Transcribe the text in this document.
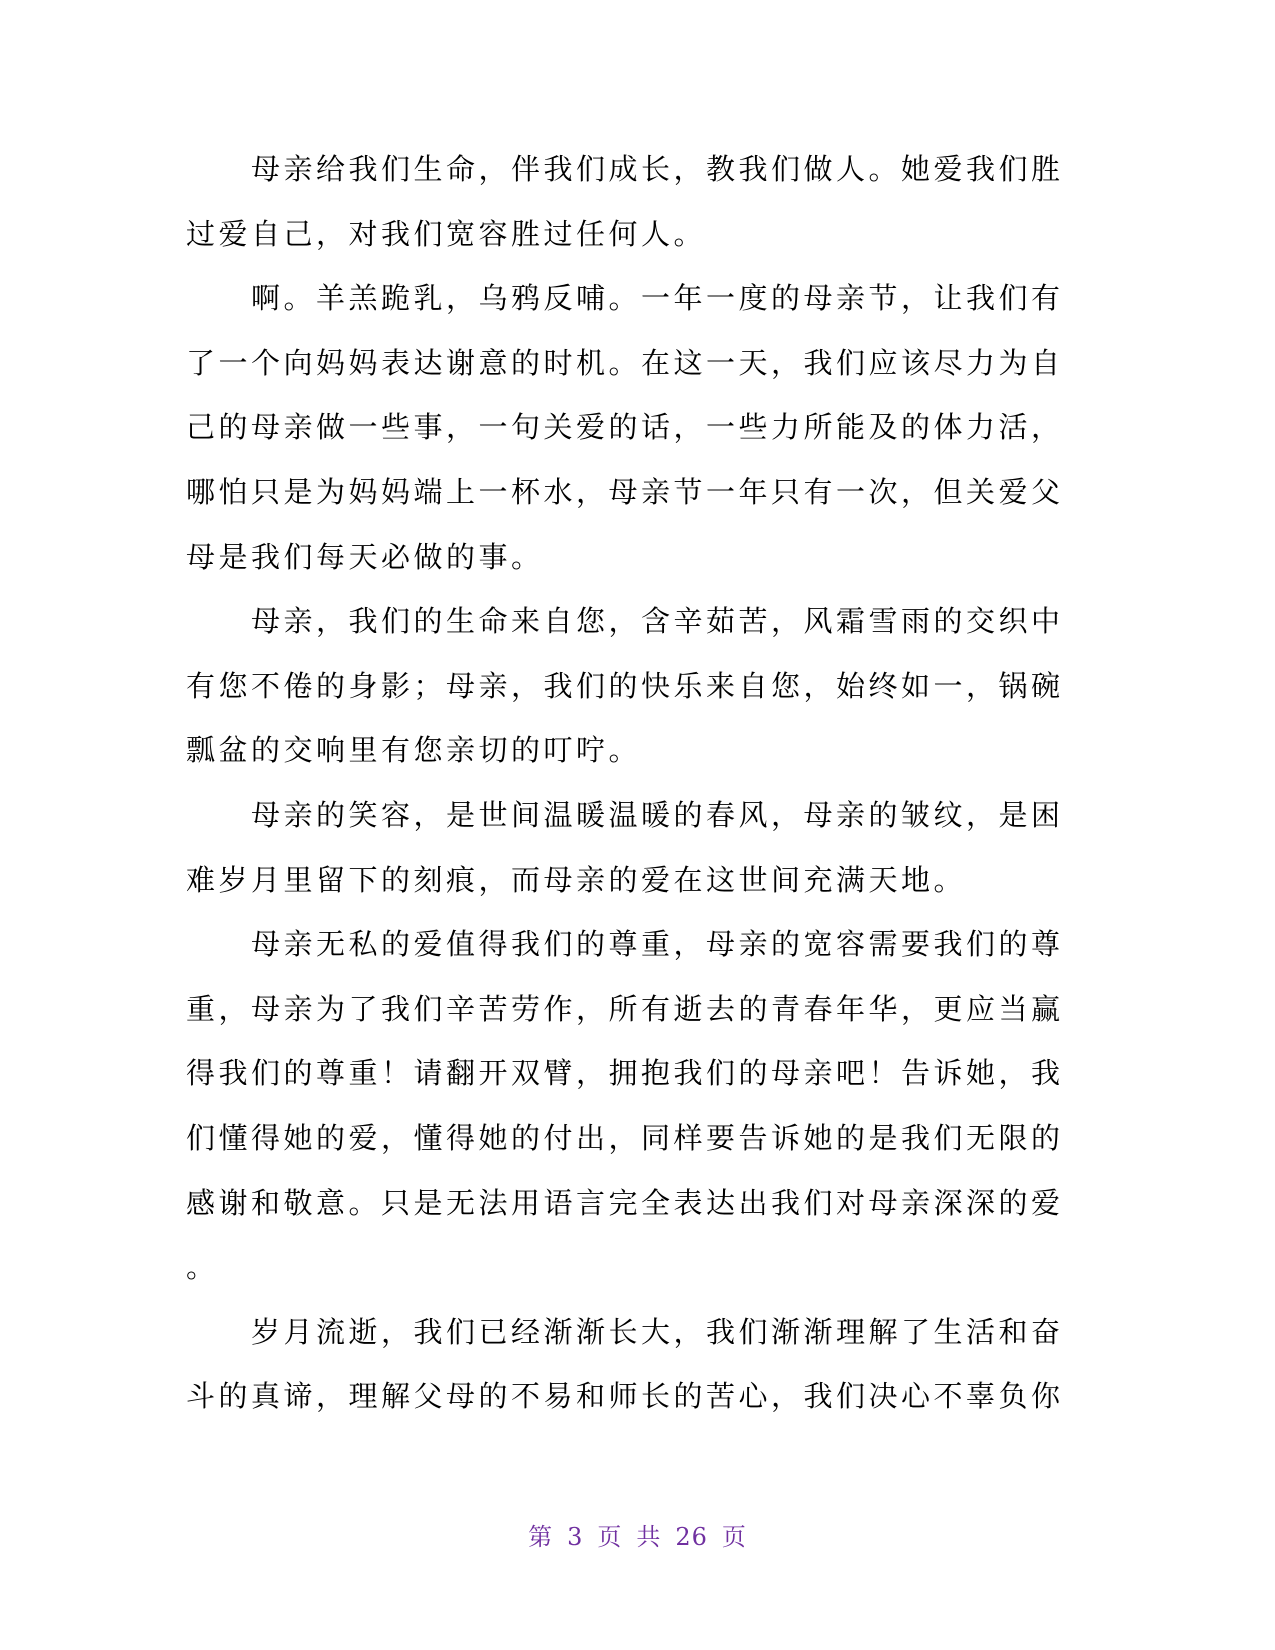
母亲给我们生命，伴我们成长，教我们做人。她爱我们胜
过爱自己，对我们宽容胜过任何人。
啊。羊羔跪乳，乌鸦反哺。一年一度的母亲节，让我们有
了一个向妈妈表达谢意的时机。在这一天，我们应该尽力为自
己的母亲做一些事，一句关爱的话，一些力所能及的体力活，
哪怕只是为妈妈端上一杯水，母亲节一年只有一次，但关爱父
母是我们每天必做的事。
母亲，我们的生命来自您，含辛茹苦，风霜雪雨的交织中
有您不倦的身影；母亲，我们的快乐来自您，始终如一，锅碗
瓢盆的交响里有您亲切的叮咛。
母亲的笑容，是世间温暖温暖的春风，母亲的皱纹，是困
难岁月里留下的刻痕，而母亲的爱在这世间充满天地。
母亲无私的爱值得我们的尊重，母亲的宽容需要我们的尊
重，母亲为了我们辛苦劳作，所有逝去的青春年华，更应当赢
得我们的尊重！请翻开双臂，拥抱我们的母亲吧！告诉她，我
们懂得她的爱，懂得她的付出，同样要告诉她的是我们无限的
感谢和敬意。只是无法用语言完全表达出我们对母亲深深的爱
。
岁月流逝，我们已经渐渐长大，我们渐渐理解了生活和奋
斗的真谛，理解父母的不易和师长的苦心，我们决心不辜负你
第 3 页 共 26 页
